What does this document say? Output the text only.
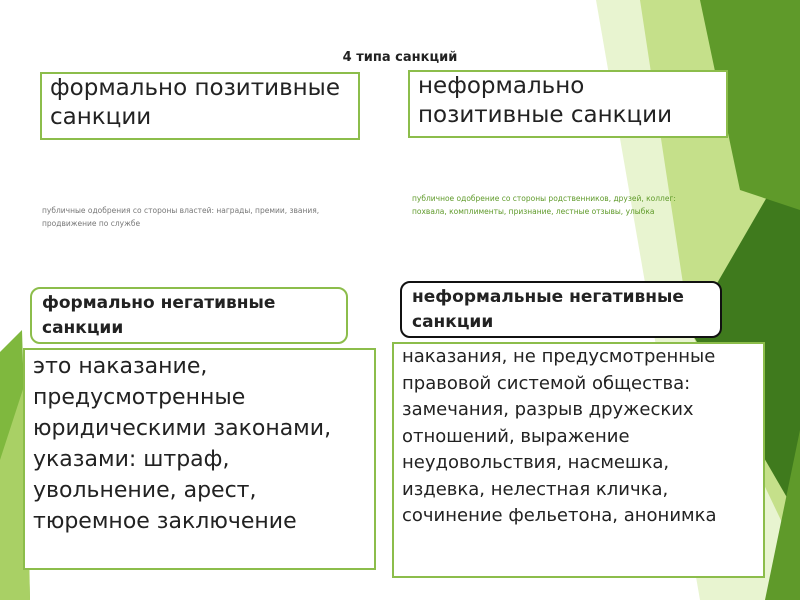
4 типа санкций
формально позитивные санкции
неформально позитивные санкции
публичные одобрения со стороны властей: награды, премии, звания, продвижение по службе
публичное одобрение со стороны родственников, друзей, коллег: похвала, комплименты, признание, лестные отзывы, улыбка
формально негативные санкции
неформальные негативные санкции
это наказание, предусмотренные юридическими законами, указами: штраф, увольнение, арест, тюремное заключение
наказания, не предусмотренные правовой системой общества: замечания, разрыв дружеских отношений, выражение неудовольствия, насмешка, издевка, нелестная кличка, сочинение фельетона, анонимка
